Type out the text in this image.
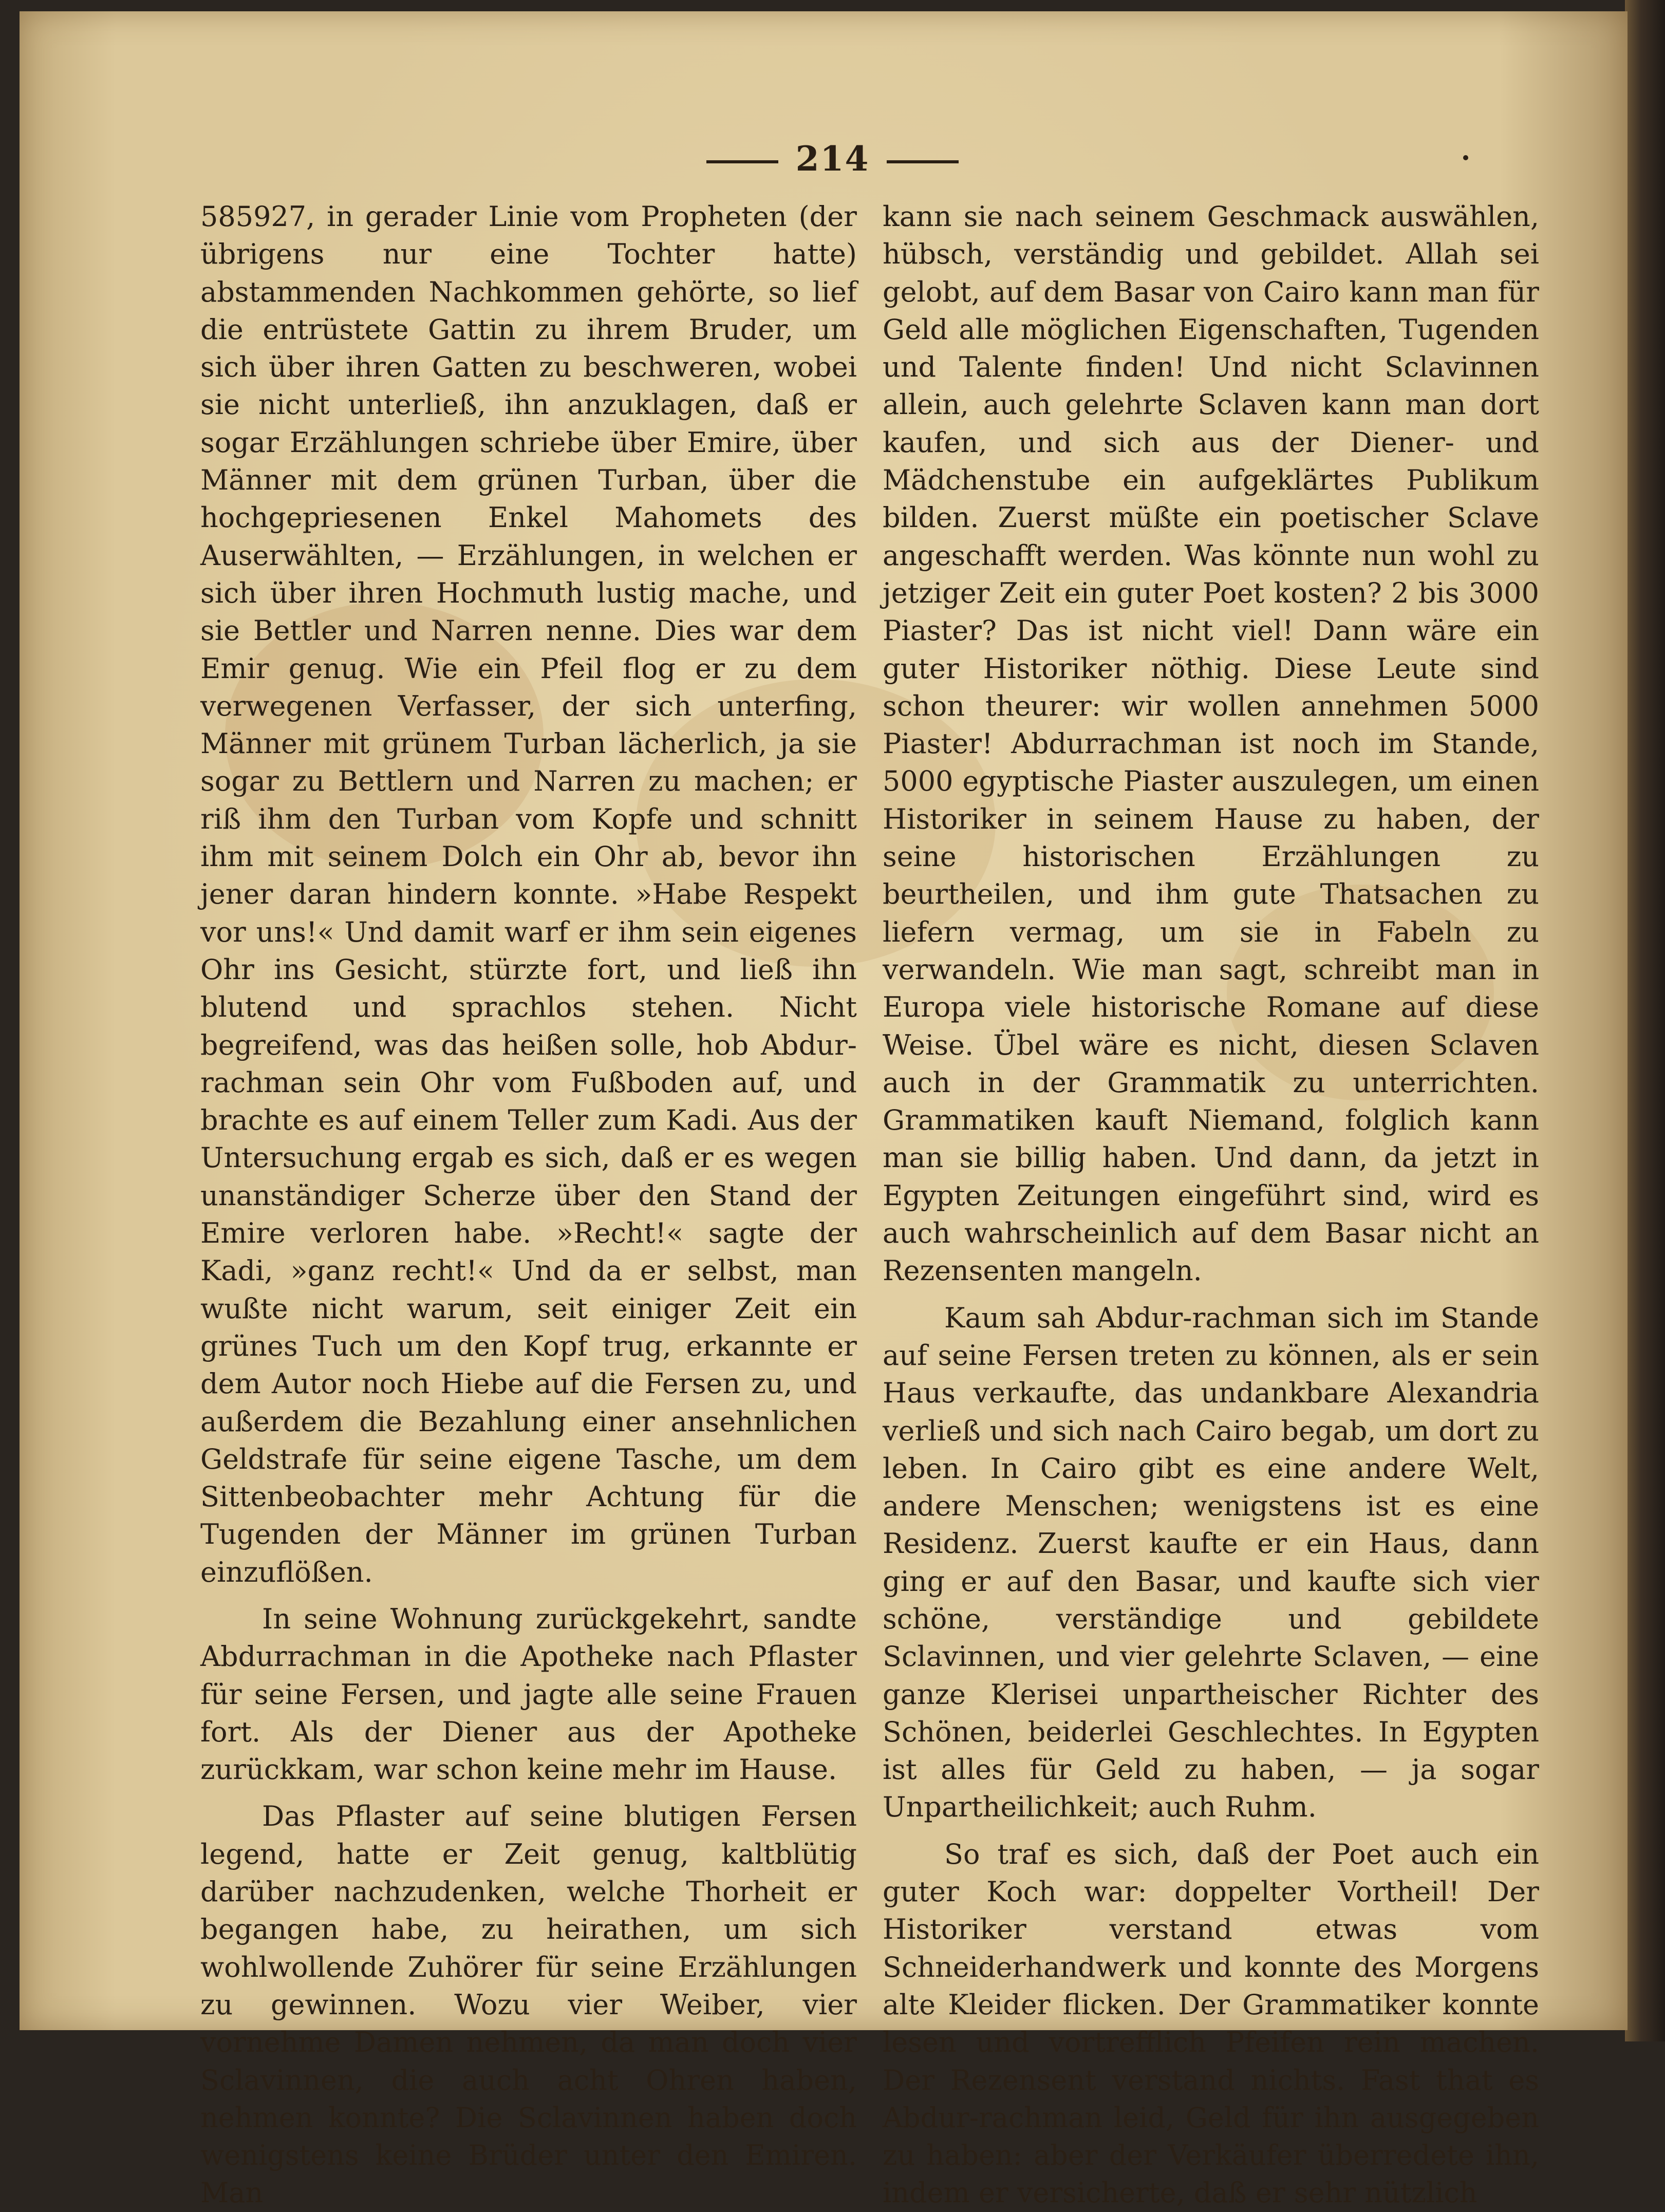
214

585927, in gerader Linie vom Propheten (der übrigens nur eine Tochter hatte) abstammenden Nachkommen gehörte, so lief die entrüstete Gattin zu ihrem Bruder, um sich über ihren Gatten zu beschweren, wobei sie nicht unterließ, ihn anzuklagen, daß er sogar Erzählungen schriebe über Emire, über Männer mit dem grünen Turban, über die hochgepriesenen Enkel Mahomets des Auserwählten, — Erzählungen, in welchen er sich über ihren Hochmuth lustig mache, und sie Bettler und Narren nenne. Dies war dem Emir genug. Wie ein Pfeil flog er zu dem verwegenen Verfasser, der sich unterfing, Männer mit grünem Turban lächerlich, ja sie sogar zu Bettlern und Narren zu machen; er riß ihm den Turban vom Kopfe und schnitt ihm mit seinem Dolch ein Ohr ab, bevor ihn jener daran hindern konnte. »Habe Respekt vor uns!« Und damit warf er ihm sein eigenes Ohr ins Gesicht, stürzte fort, und ließ ihn blutend und sprachlos stehen. Nicht begreifend, was das heißen solle, hob Abdur-rachman sein Ohr vom Fußboden auf, und brachte es auf einem Teller zum Kadi. Aus der Untersuchung ergab es sich, daß er es wegen unanständiger Scherze über den Stand der Emire verloren habe. »Recht!« sagte der Kadi, »ganz recht!« Und da er selbst, man wußte nicht warum, seit einiger Zeit ein grünes Tuch um den Kopf trug, erkannte er dem Autor noch Hiebe auf die Fersen zu, und außerdem die Bezahlung einer ansehnlichen Geldstrafe für seine eigene Tasche, um dem Sittenbeobachter mehr Achtung für die Tugenden der Männer im grünen Turban einzuflößen.

In seine Wohnung zurückgekehrt, sandte Abdurrachman in die Apotheke nach Pflaster für seine Fersen, und jagte alle seine Frauen fort. Als der Diener aus der Apotheke zurückkam, war schon keine mehr im Hause.

Das Pflaster auf seine blutigen Fersen legend, hatte er Zeit genug, kaltblütig darüber nachzudenken, welche Thorheit er begangen habe, zu heirathen, um sich wohlwollende Zuhörer für seine Erzählungen zu gewinnen. Wozu vier Weiber, vier vornehme Damen nehmen, da man doch vier Sclavinnen, die auch acht Ohren haben, nehmen konnte? Die Sclavinnen haben doch wenigstens keine Brüder unter den Emiren. Man

kann sie nach seinem Geschmack auswählen, hübsch, verständig und gebildet. Allah sei gelobt, auf dem Basar von Cairo kann man für Geld alle möglichen Eigenschaften, Tugenden und Talente finden! Und nicht Sclavinnen allein, auch gelehrte Sclaven kann man dort kaufen, und sich aus der Diener- und Mädchenstube ein aufgeklärtes Publikum bilden. Zuerst müßte ein poetischer Sclave angeschafft werden. Was könnte nun wohl zu jetziger Zeit ein guter Poet kosten? 2 bis 3000 Piaster? Das ist nicht viel! Dann wäre ein guter Historiker nöthig. Diese Leute sind schon theurer: wir wollen annehmen 5000 Piaster! Abdurrachman ist noch im Stande, 5000 egyptische Piaster auszulegen, um einen Historiker in seinem Hause zu haben, der seine historischen Erzählungen zu beurtheilen, und ihm gute Thatsachen zu liefern vermag, um sie in Fabeln zu verwandeln. Wie man sagt, schreibt man in Europa viele historische Romane auf diese Weise. Übel wäre es nicht, diesen Sclaven auch in der Grammatik zu unterrichten. Grammatiken kauft Niemand, folglich kann man sie billig haben. Und dann, da jetzt in Egypten Zeitungen eingeführt sind, wird es auch wahrscheinlich auf dem Basar nicht an Rezensenten mangeln.

Kaum sah Abdur-rachman sich im Stande auf seine Fersen treten zu können, als er sein Haus verkaufte, das undankbare Alexandria verließ und sich nach Cairo begab, um dort zu leben. In Cairo gibt es eine andere Welt, andere Menschen; wenigstens ist es eine Residenz. Zuerst kaufte er ein Haus, dann ging er auf den Basar, und kaufte sich vier schöne, verständige und gebildete Sclavinnen, und vier gelehrte Sclaven, — eine ganze Klerisei unpartheischer Richter des Schönen, beiderlei Geschlechtes. In Egypten ist alles für Geld zu haben, — ja sogar Unpartheilichkeit; auch Ruhm.

So traf es sich, daß der Poet auch ein guter Koch war: doppelter Vortheil! Der Historiker verstand etwas vom Schneiderhandwerk und konnte des Morgens alte Kleider flicken. Der Grammatiker konnte lesen und vortrefflich Pfeifen rein machen. Der Rezensent verstand nichts. Fast that es Abdur-rachman leid, Geld für ihn ausgegeben zu haben: aber der Verkäufer überredete ihn, indem er versicherte, daß er sehr nützlich
